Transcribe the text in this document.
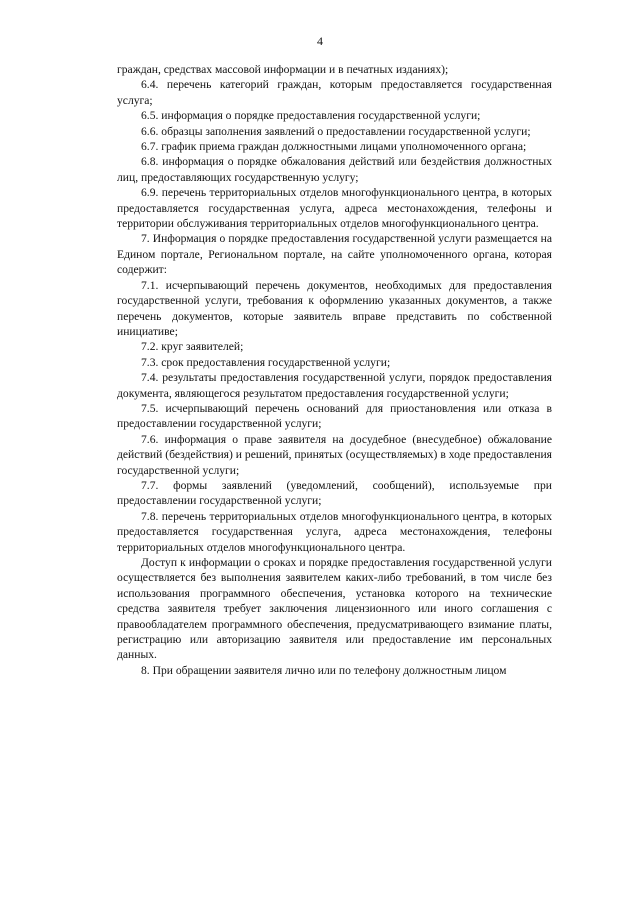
4

граждан, средствах массовой информации и в печатных изданиях);

6.4. перечень категорий граждан, которым предоставляется государственная услуга;

6.5. информация о порядке предоставления государственной услуги;

6.6. образцы заполнения заявлений о предоставлении государственной услуги;

6.7. график приема граждан должностными лицами уполномоченного органа;

6.8. информация о порядке обжалования действий или бездействия должностных лиц, предоставляющих государственную услугу;

6.9. перечень территориальных отделов многофункционального центра, в которых предоставляется государственная услуга, адреса местонахождения, телефоны и территории обслуживания территориальных отделов многофункционального центра.

7. Информация о порядке предоставления государственной услуги размещается на Едином портале, Региональном портале, на сайте уполномоченного органа, которая содержит:

7.1. исчерпывающий перечень документов, необходимых для предоставления государственной услуги, требования к оформлению указанных документов, а также перечень документов, которые заявитель вправе представить по собственной инициативе;

7.2. круг заявителей;

7.3. срок предоставления государственной услуги;

7.4. результаты предоставления государственной услуги, порядок предоставления документа, являющегося результатом предоставления государственной услуги;

7.5. исчерпывающий перечень оснований для приостановления или отказа в предоставлении государственной услуги;

7.6. информация о праве заявителя на досудебное (внесудебное) обжалование действий (бездействия) и решений, принятых (осуществляемых) в ходе предоставления государственной услуги;

7.7. формы заявлений (уведомлений, сообщений), используемые при предоставлении государственной услуги;

7.8. перечень территориальных отделов многофункционального центра, в которых предоставляется государственная услуга, адреса местонахождения, телефоны территориальных отделов многофункционального центра.

Доступ к информации о сроках и порядке предоставления государственной услуги осуществляется без выполнения заявителем каких-либо требований, в том числе без использования программного обеспечения, установка которого на технические средства заявителя требует заключения лицензионного или иного соглашения с правообладателем программного обеспечения, предусматривающего взимание платы, регистрацию или авторизацию заявителя или предоставление им персональных данных.

8. При обращении заявителя лично или по телефону должностным лицом
